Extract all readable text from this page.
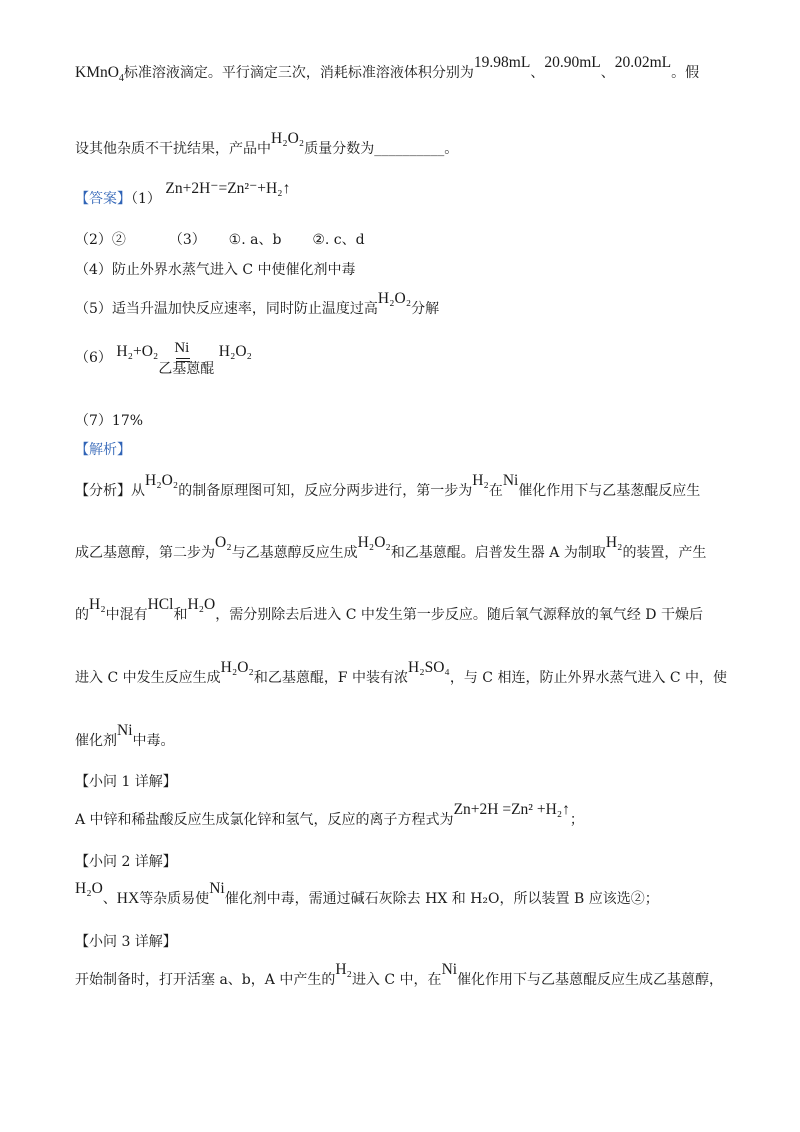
KMnO$_4$标准溶液滴定。平行滴定三次，消耗标准溶液体积分别为19.98mL、20.90mL、20.02mL。假
设其他杂质不干扰结果，产品中H₂O₂质量分数为__________。
【答案】（1） Zn+2H⁻=Zn²⁻+H₂↑
（2）②	（3） ①. a、b ②. c、d
（4）防止外界水蒸气进入 C 中使催化剂中毒
（5）适当升温加快反应速率，同时防止温度过高H₂O₂分解
（6） H₂+O₂ Ni
乙基蒽醌
H₂O₂
（7）17%
【解析】
【分析】从H₂O₂的制备原理图可知，反应分两步进行，第一步为H₂在Ni催化作用下与乙基葱醌反应生
成乙基蒽醇，第二步为O₂与乙基蒽醇反应生成H₂O₂和乙基蒽醌。启普发生器 A 为制取H₂的装置，产生
的H₂中混有HCl和H₂O，需分别除去后进入 C 中发生第一步反应。随后氧气源释放的氧气经 D 干燥后
进入 C 中发生反应生成H₂O₂和乙基蒽醌，F 中装有浓H₂SO₄，与 C 相连，防止外界水蒸气进入 C 中，使
催化剂Ni中毒。
【小问 1 详解】
A 中锌和稀盐酸反应生成氯化锌和氢气，反应的离子方程式为Zn+2H =Zn² +H₂↑；
【小问 2 详解】
H₂O、HX等杂质易使Ni催化剂中毒，需通过碱石灰除去 HX 和 H₂O，所以装置 B 应该选②；
【小问 3 详解】
开始制备时，打开活塞 a、b，A 中产生的H₂进入 C 中，在Ni催化作用下与乙基蒽醌反应生成乙基蒽醇，
